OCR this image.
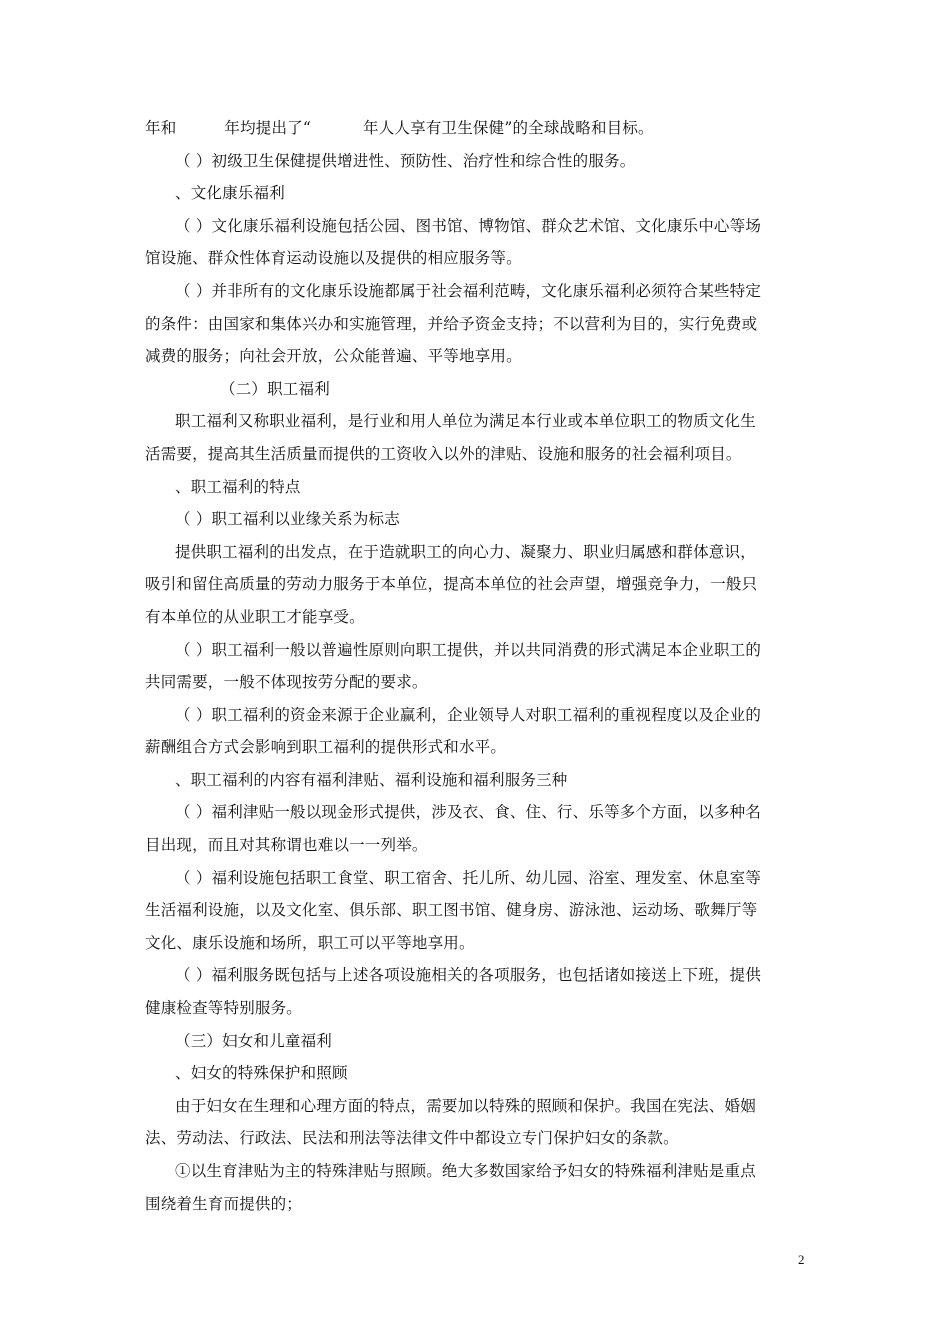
年和	年均提出了“	年人人享有卫生保健”的全球战略和目标。
（ ）初级卫生保健提供增进性、预防性、治疗性和综合性的服务。
、文化康乐福利
（ ）文化康乐福利设施包括公园、图书馆、博物馆、群众艺术馆、文化康乐中心等场
馆设施、群众性体育运动设施以及提供的相应服务等。
（ ）并非所有的文化康乐设施都属于社会福利范畴，文化康乐福利必须符合某些特定
的条件：由国家和集体兴办和实施管理，并给予资金支持；不以营利为目的，实行免费或
减费的服务；向社会开放，公众能普遍、平等地享用。
（二）职工福利
职工福利又称职业福利，是行业和用人单位为满足本行业或本单位职工的物质文化生
活需要，提高其生活质量而提供的工资收入以外的津贴、设施和服务的社会福利项目。
、职工福利的特点
（ ）职工福利以业缘关系为标志
提供职工福利的出发点，在于造就职工的向心力、凝聚力、职业归属感和群体意识，
吸引和留住高质量的劳动力服务于本单位，提高本单位的社会声望，增强竞争力，一般只
有本单位的从业职工才能享受。
（ ）职工福利一般以普遍性原则向职工提供，并以共同消费的形式满足本企业职工的
共同需要，一般不体现按劳分配的要求。
（ ）职工福利的资金来源于企业赢利，企业领导人对职工福利的重视程度以及企业的
薪酬组合方式会影响到职工福利的提供形式和水平。
、职工福利的内容有福利津贴、福利设施和福利服务三种
（ ）福利津贴一般以现金形式提供，涉及衣、食、住、行、乐等多个方面，以多种名
目出现，而且对其称谓也难以一一列举。
（ ）福利设施包括职工食堂、职工宿舍、托儿所、幼儿园、浴室、理发室、休息室等
生活福利设施，以及文化室、俱乐部、职工图书馆、健身房、游泳池、运动场、歌舞厅等
文化、康乐设施和场所，职工可以平等地享用。
（ ）福利服务既包括与上述各项设施相关的各项服务，也包括诸如接送上下班，提供
健康检查等特别服务。
（三）妇女和儿童福利
、妇女的特殊保护和照顾
由于妇女在生理和心理方面的特点，需要加以特殊的照顾和保护。我国在宪法、婚姻
法、劳动法、行政法、民法和刑法等法律文件中都设立专门保护妇女的条款。
①以生育津贴为主的特殊津贴与照顾。绝大多数国家给予妇女的特殊福利津贴是重点
围绕着生育而提供的；
2
